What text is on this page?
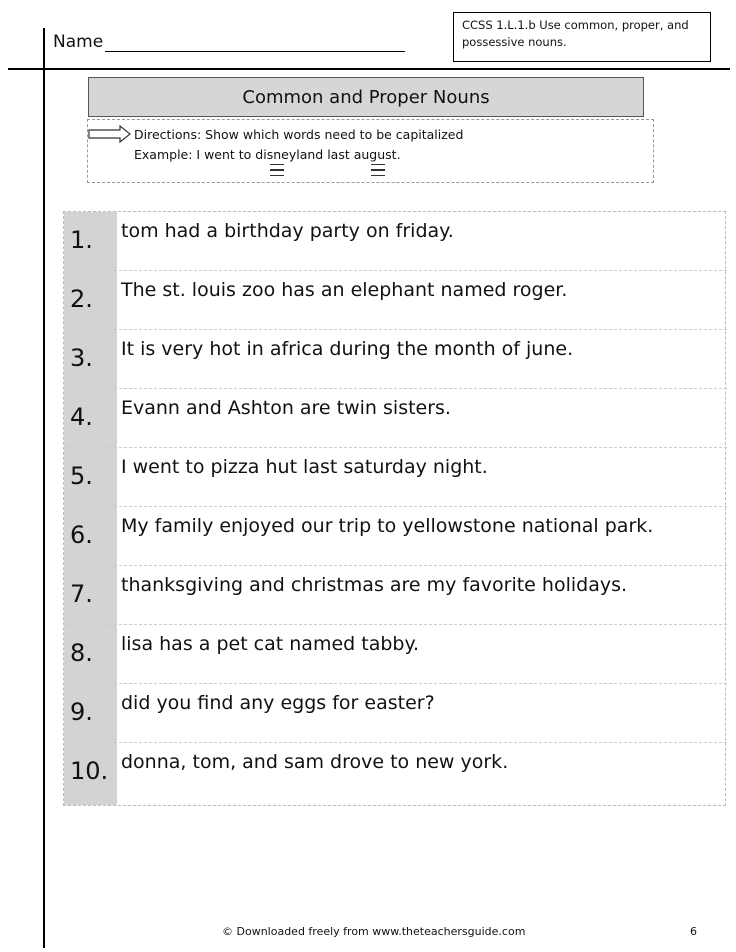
Name
CCSS 1.L.1.b Use common, proper, and possessive nouns.
Common and Proper Nouns
Directions: Show which words need to be capitalized
Example: I went to disneyland last august.
1.	tom had a birthday party on friday.
2.	The st. louis zoo has an elephant named roger.
3.	It is very hot in africa during the month of june.
4.	Evann and Ashton are twin sisters.
5.	I went to pizza hut last saturday night.
6.	My family enjoyed our trip to yellowstone national park.
7.	thanksgiving and christmas are my favorite holidays.
8.	lisa has a pet cat named tabby.
9.	did you find any eggs for easter?
10. donna, tom, and sam drove to new york.
© Downloaded freely from www.theteachersguide.com	6
